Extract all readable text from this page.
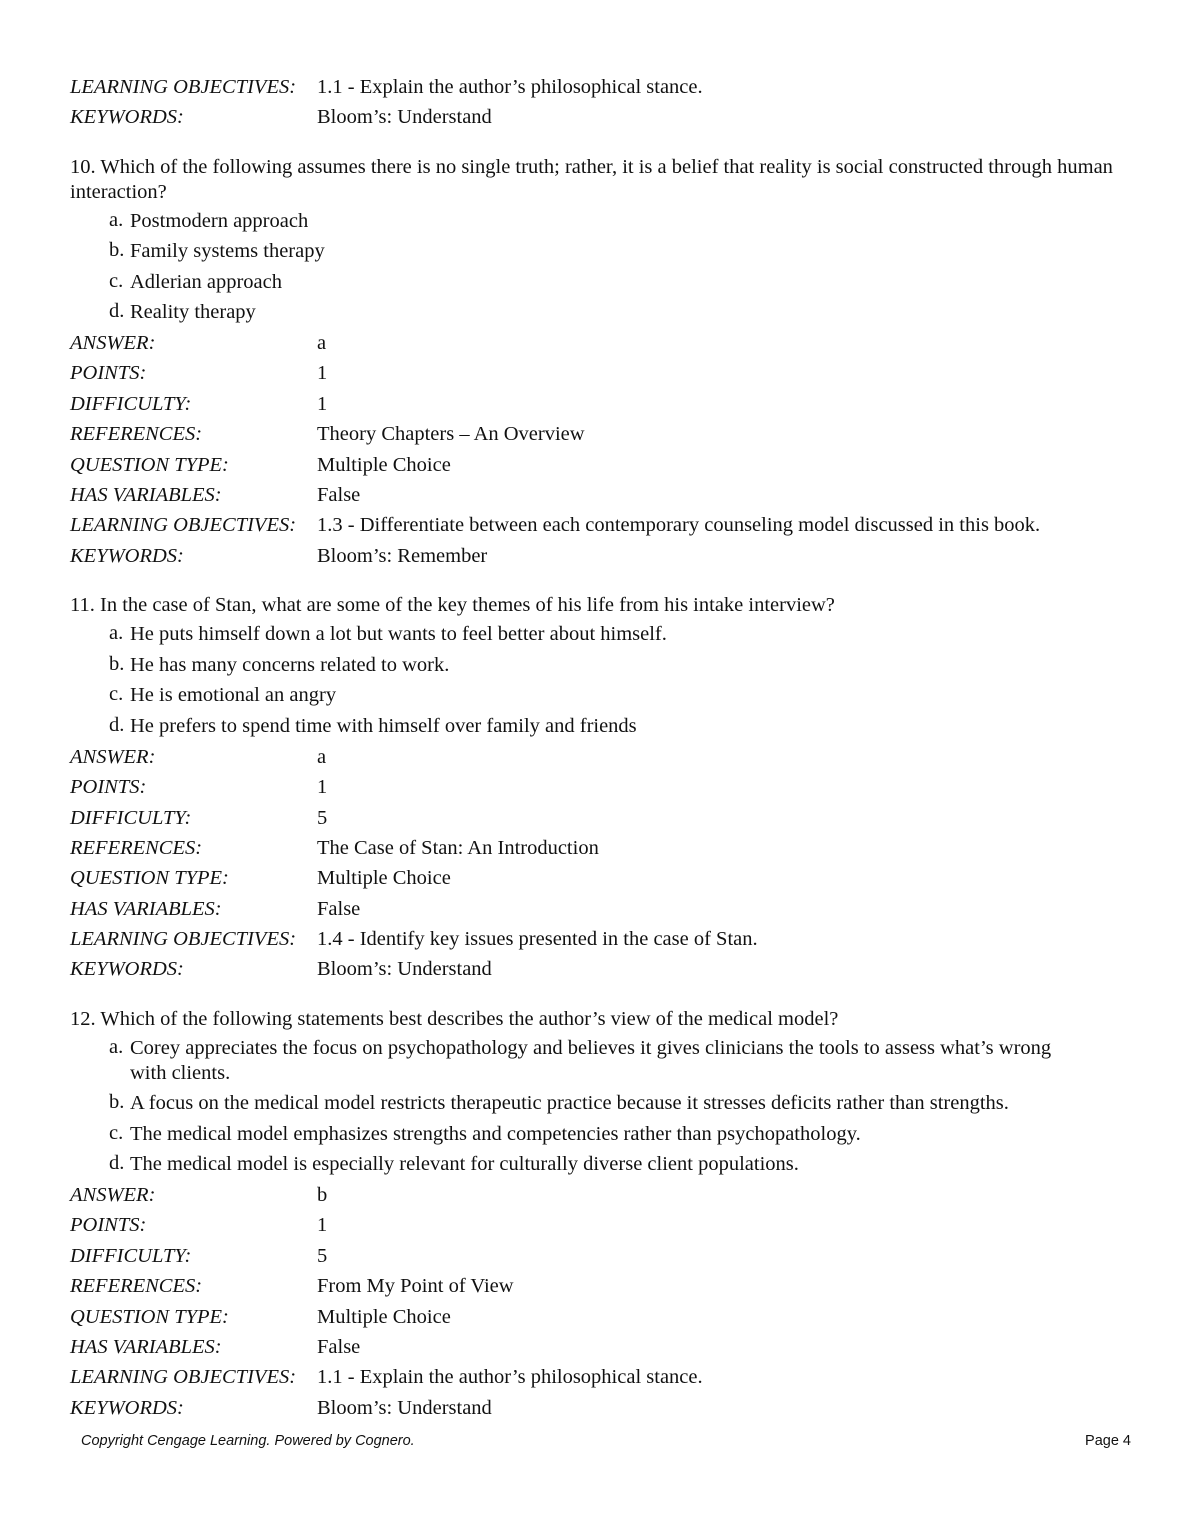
LEARNING OBJECTIVES:	1.1 - Explain the author’s philosophical stance.
KEYWORDS:	Bloom’s: Understand
10. Which of the following assumes there is no single truth; rather, it is a belief that reality is social constructed through human interaction?
a. Postmodern approach
b. Family systems therapy
c. Adlerian approach
d. Reality therapy
ANSWER:	a
POINTS:	1
DIFFICULTY:	1
REFERENCES:	Theory Chapters – An Overview
QUESTION TYPE:	Multiple Choice
HAS VARIABLES:	False
LEARNING OBJECTIVES:	1.3 - Differentiate between each contemporary counseling model discussed in this book.
KEYWORDS:	Bloom’s: Remember
11. In the case of Stan, what are some of the key themes of his life from his intake interview?
a. He puts himself down a lot but wants to feel better about himself.
b. He has many concerns related to work.
c. He is emotional an angry
d. He prefers to spend time with himself over family and friends
ANSWER:	a
POINTS:	1
DIFFICULTY:	5
REFERENCES:	The Case of Stan: An Introduction
QUESTION TYPE:	Multiple Choice
HAS VARIABLES:	False
LEARNING OBJECTIVES:	1.4 - Identify key issues presented in the case of Stan.
KEYWORDS:	Bloom’s: Understand
12. Which of the following statements best describes the author’s view of the medical model?
a. Corey appreciates the focus on psychopathology and believes it gives clinicians the tools to assess what’s wrong with clients.
b. A focus on the medical model restricts therapeutic practice because it stresses deficits rather than strengths.
c. The medical model emphasizes strengths and competencies rather than psychopathology.
d. The medical model is especially relevant for culturally diverse client populations.
ANSWER:	b
POINTS:	1
DIFFICULTY:	5
REFERENCES:	From My Point of View
QUESTION TYPE:	Multiple Choice
HAS VARIABLES:	False
LEARNING OBJECTIVES:	1.1 - Explain the author’s philosophical stance.
KEYWORDS:	Bloom’s: Understand
Copyright Cengage Learning. Powered by Cognero.	Page 4
